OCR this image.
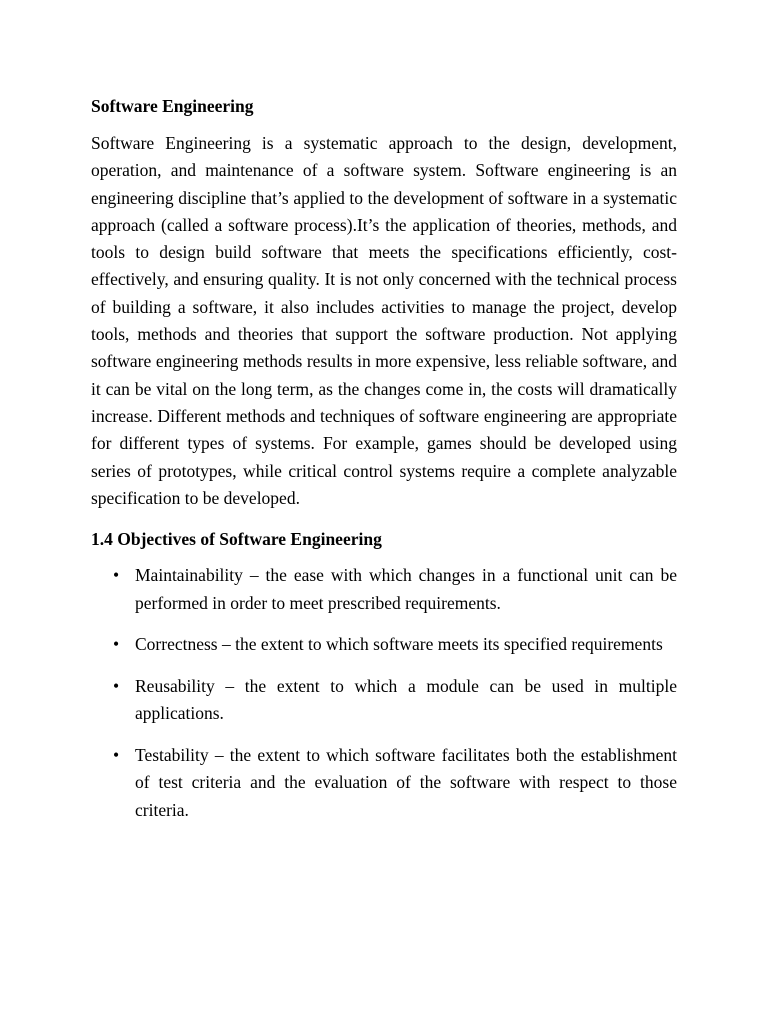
Software Engineering

Software Engineering is a systematic approach to the design, development, operation, and maintenance of a software system. Software engineering is an engineering discipline that’s applied to the development of software in a systematic approach (called a software process).It’s the application of theories, methods, and tools to design build software that meets the specifications efficiently, cost-effectively, and ensuring quality. It is not only concerned with the technical process of building a software, it also includes activities to manage the project, develop tools, methods and theories that support the software production. Not applying software engineering methods results in more expensive, less reliable software, and it can be vital on the long term, as the changes come in, the costs will dramatically increase. Different methods and techniques of software engineering are appropriate for different types of systems. For example, games should be developed using series of prototypes, while critical control systems require a complete analyzable specification to be developed.

1.4 Objectives of Software Engineering
• Maintainability – the ease with which changes in a functional unit can be performed in order to meet prescribed requirements.
• Correctness – the extent to which software meets its specified requirements
• Reusability – the extent to which a module can be used in multiple applications.
• Testability – the extent to which software facilitates both the establishment of test criteria and the evaluation of the software with respect to those criteria.
